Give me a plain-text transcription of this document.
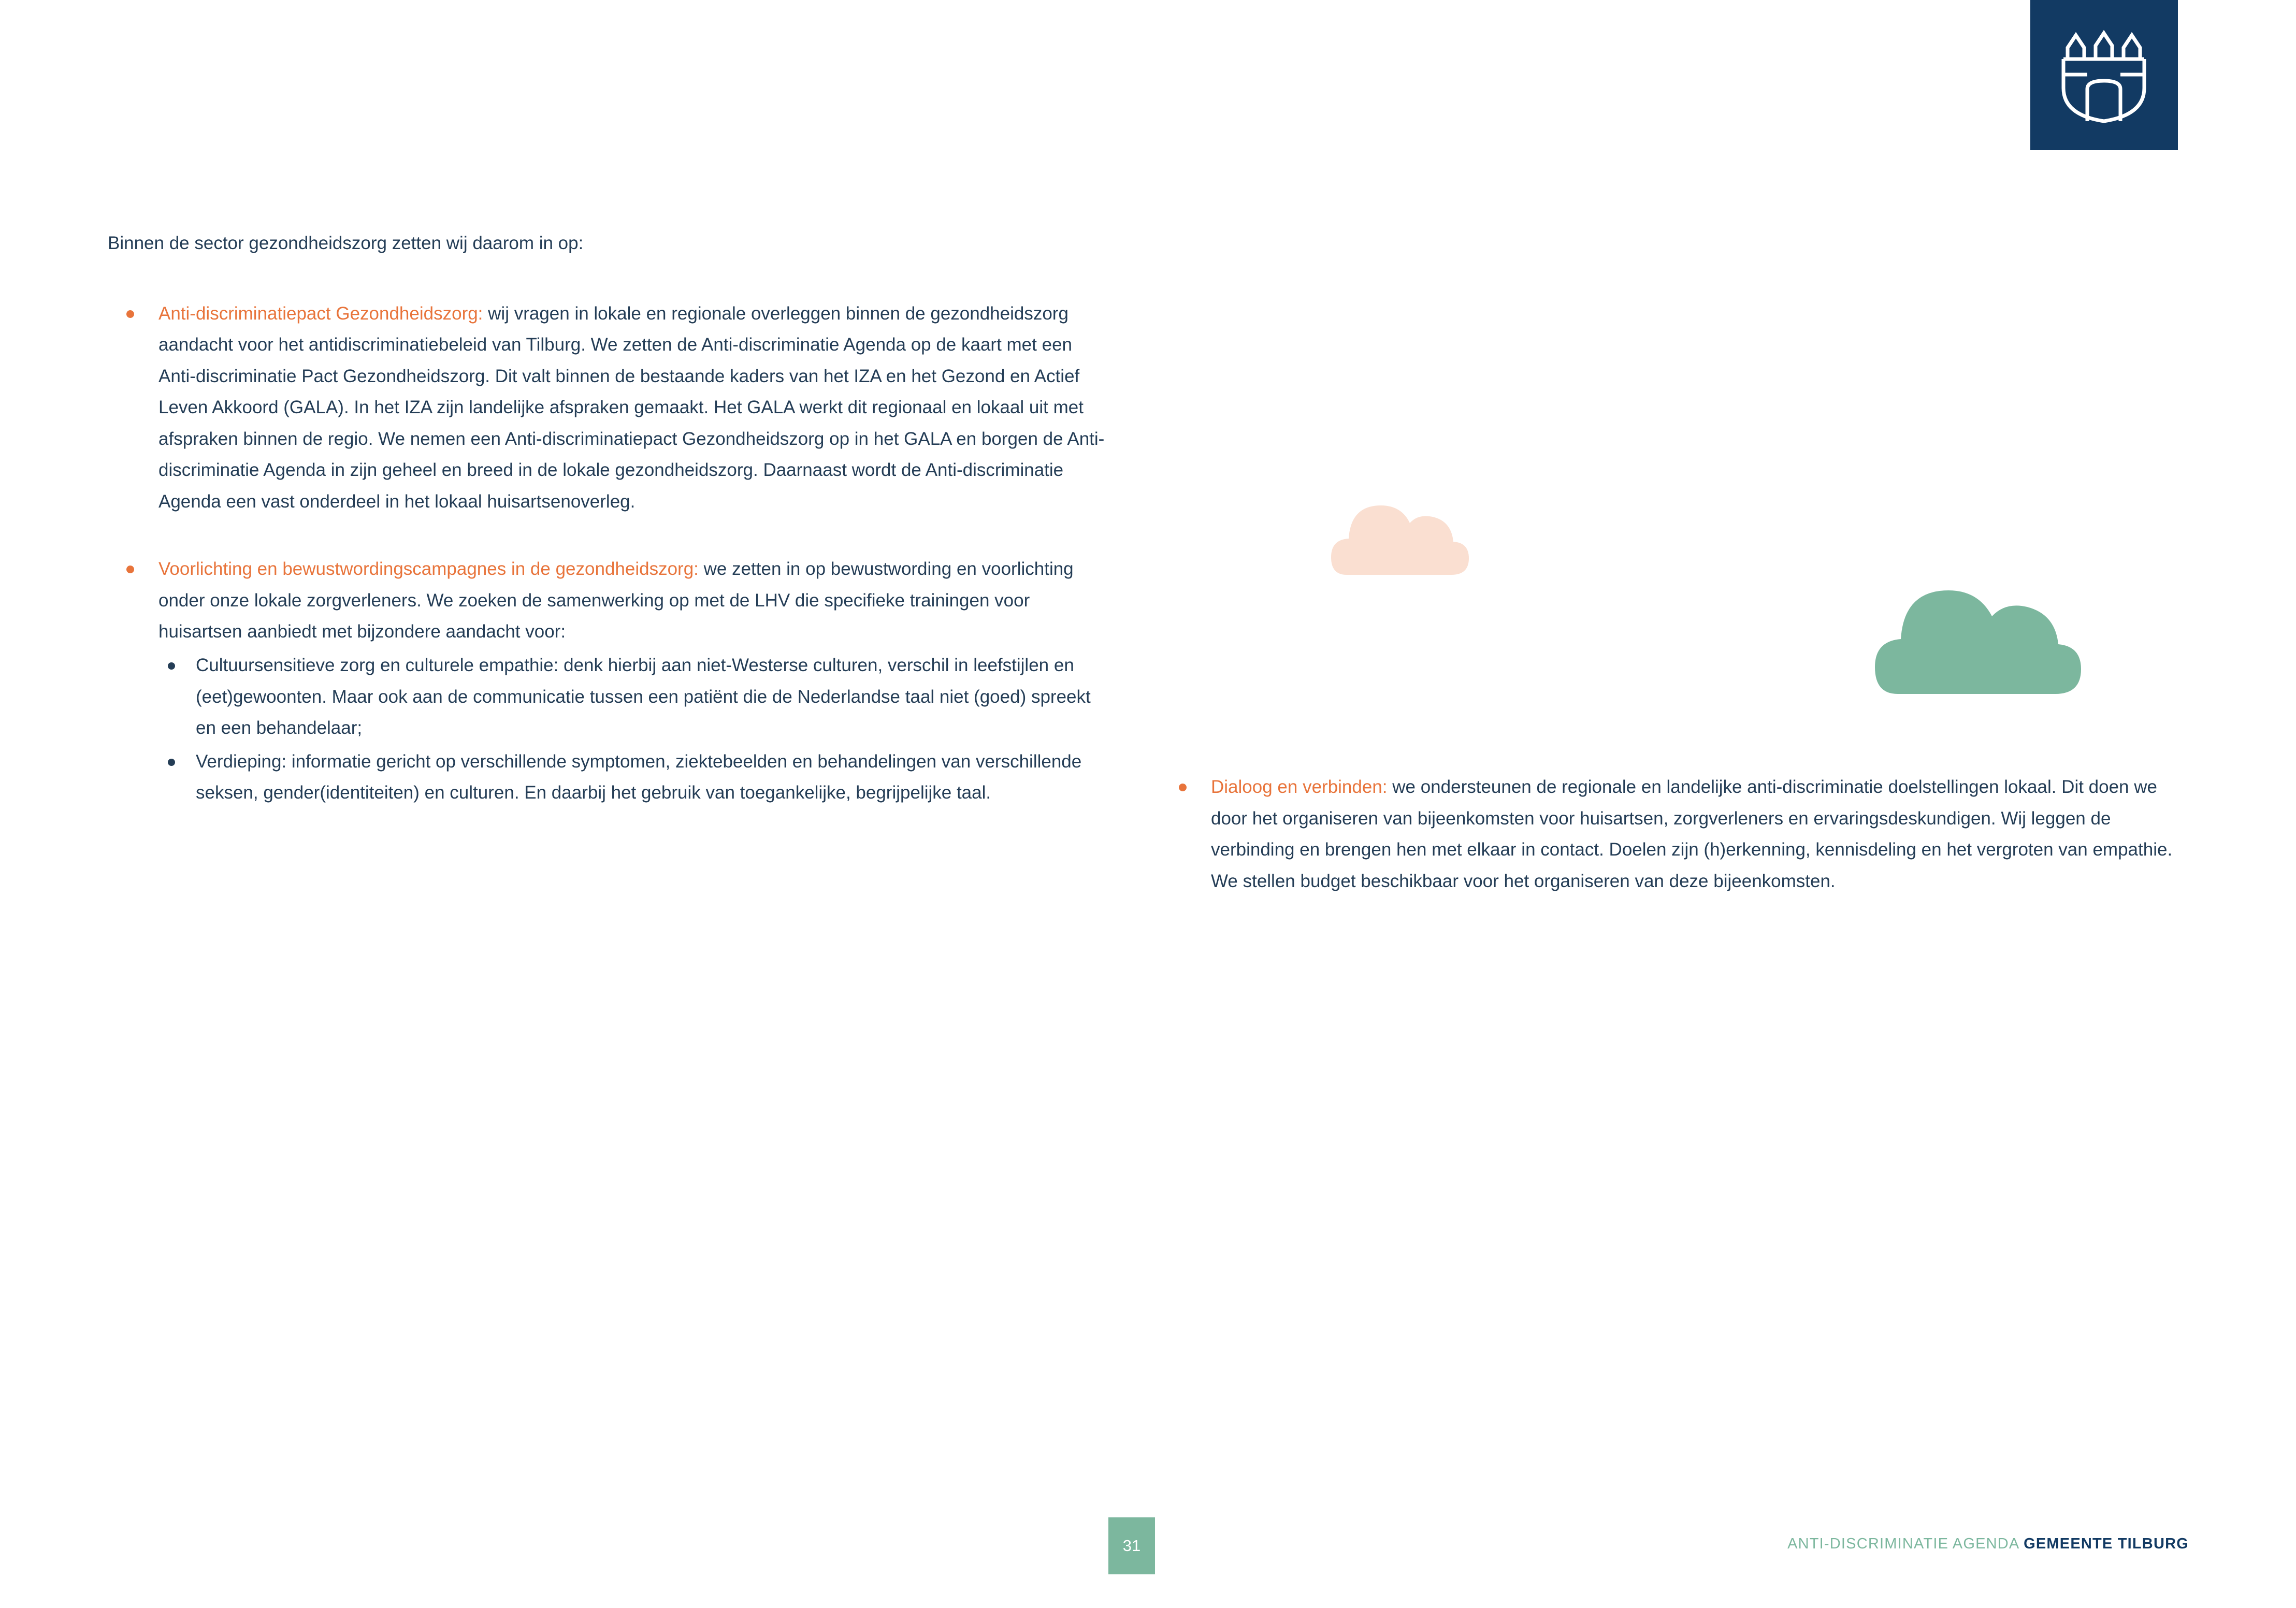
Binnen de sector gezondheidszorg zetten wij daarom in op:

Anti-discriminatiepact Gezondheidszorg: wij vragen in lokale en regionale overleggen binnen de gezondheidszorg aandacht voor het antidiscriminatiebeleid van Tilburg. We zetten de Anti-discriminatie Agenda op de kaart met een Anti-discriminatie Pact Gezondheidszorg. Dit valt binnen de bestaande kaders van het IZA en het Gezond en Actief Leven Akkoord (GALA). In het IZA zijn landelijke afspraken gemaakt. Het GALA werkt dit regionaal en lokaal uit met afspraken binnen de regio. We nemen een Anti-discriminatiepact Gezondheidszorg op in het GALA en borgen de Anti-discriminatie Agenda in zijn geheel en breed in de lokale gezondheidszorg. Daarnaast wordt de Anti-discriminatie Agenda een vast onderdeel in het lokaal huisartsenoverleg.
Voorlichting en bewustwordingscampagnes in de gezondheidszorg: we zetten in op bewustwording en voorlichting onder onze lokale zorgverleners. We zoeken de samenwerking op met de LHV die specifieke trainingen voor huisartsen aanbiedt met bijzondere aandacht voor:
Cultuursensitieve zorg en culturele empathie: denk hierbij aan niet-Westerse culturen, verschil in leefstijlen en (eet)gewoonten. Maar ook aan de communicatie tussen een patiënt die de Nederlandse taal niet (goed) spreekt en een behandelaar;
Verdieping: informatie gericht op verschillende symptomen, ziektebeelden en behandelingen van verschillende seksen, gender(identiteiten) en culturen. En daarbij het gebruik van toegankelijke, begrijpelijke taal.	Dialoog en verbinden: we ondersteunen de regionale en landelijke anti-discriminatie doelstellingen lokaal. Dit doen we door het organiseren van bijeenkomsten voor huisartsen, zorgverleners en ervaringsdeskundigen. Wij leggen de verbinding en brengen hen met elkaar in contact. Doelen zijn (h)erkenning, kennisdeling en het vergroten van empathie. We stellen budget beschikbaar voor het organiseren van deze bijeenkomsten.
31	ANTI-DISCRIMINATIE AGENDA GEMEENTE TILBURG
